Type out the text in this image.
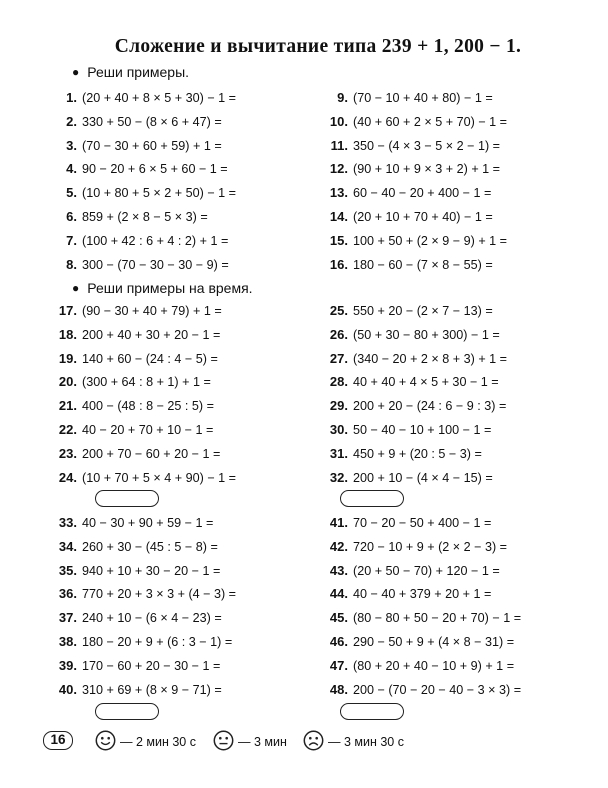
Сложение и вычитание типа 239 + 1, 200 − 1.
● Реши примеры.
● Реши примеры на время.
1. (20 + 40 + 8 × 5 + 30) − 1 =
2. 330 + 50 − (8 × 6 + 47) =
3. (70 − 30 + 60 + 59) + 1 =
4. 90 − 20 + 6 × 5 + 60 − 1 =
5. (10 + 80 + 5 × 2 + 50) − 1 =
6. 859 + (2 × 8 − 5 × 3) =
7. (100 + 42 : 6 + 4 : 2) + 1 =
8. 300 − (70 − 30 − 30 − 9) =
9. (70 − 10 + 40 + 80) − 1 =
10. (40 + 60 + 2 × 5 + 70) − 1 =
11. 350 − (4 × 3 − 5 × 2 − 1) =
12. (90 + 10 + 9 × 3 + 2) + 1 =
13. 60 − 40 − 20 + 400 − 1 =
14. (20 + 10 + 70 + 40) − 1 =
15. 100 + 50 + (2 × 9 − 9) + 1 =
16. 180 − 60 − (7 × 8 − 55) =
17. (90 − 30 + 40 + 79) + 1 =
18. 200 + 40 + 30 + 20 − 1 =
19. 140 + 60 − (24 : 4 − 5) =
20. (300 + 64 : 8 + 1) + 1 =
21. 400 − (48 : 8 − 25 : 5) =
22. 40 − 20 + 70 + 10 − 1 =
23. 200 + 70 − 60 + 20 − 1 =
24. (10 + 70 + 5 × 4 + 90) − 1 =
25. 550 + 20 − (2 × 7 − 13) =
26. (50 + 30 − 80 + 300) − 1 =
27. (340 − 20 + 2 × 8 + 3) + 1 =
28. 40 + 40 + 4 × 5 + 30 − 1 =
29. 200 + 20 − (24 : 6 − 9 : 3) =
30. 50 − 40 − 10 + 100 − 1 =
31. 450 + 9 + (20 : 5 − 3) =
32. 200 + 10 − (4 × 4 − 15) =
33. 40 − 30 + 90 + 59 − 1 =
34. 260 + 30 − (45 : 5 − 8) =
35. 940 + 10 + 30 − 20 − 1 =
36. 770 + 20 + 3 × 3 + (4 − 3) =
37. 240 + 10 − (6 × 4 − 23) =
38. 180 − 20 + 9 + (6 : 3 − 1) =
39. 170 − 60 + 20 − 30 − 1 =
40. 310 + 69 + (8 × 9 − 71) =
41. 70 − 20 − 50 + 400 − 1 =
42. 720 − 10 + 9 + (2 × 2 − 3) =
43. (20 + 50 − 70) + 120 − 1 =
44. 40 − 40 + 379 + 20 + 1 =
45. (80 − 80 + 50 − 20 + 70) − 1 =
46. 290 − 50 + 9 + (4 × 8 − 31) =
47. (80 + 20 + 40 − 10 + 9) + 1 =
48. 200 − (70 − 20 − 40 − 3 × 3) =
16	— 2 мин 30 с	— 3 мин	— 3 мин 30 с
